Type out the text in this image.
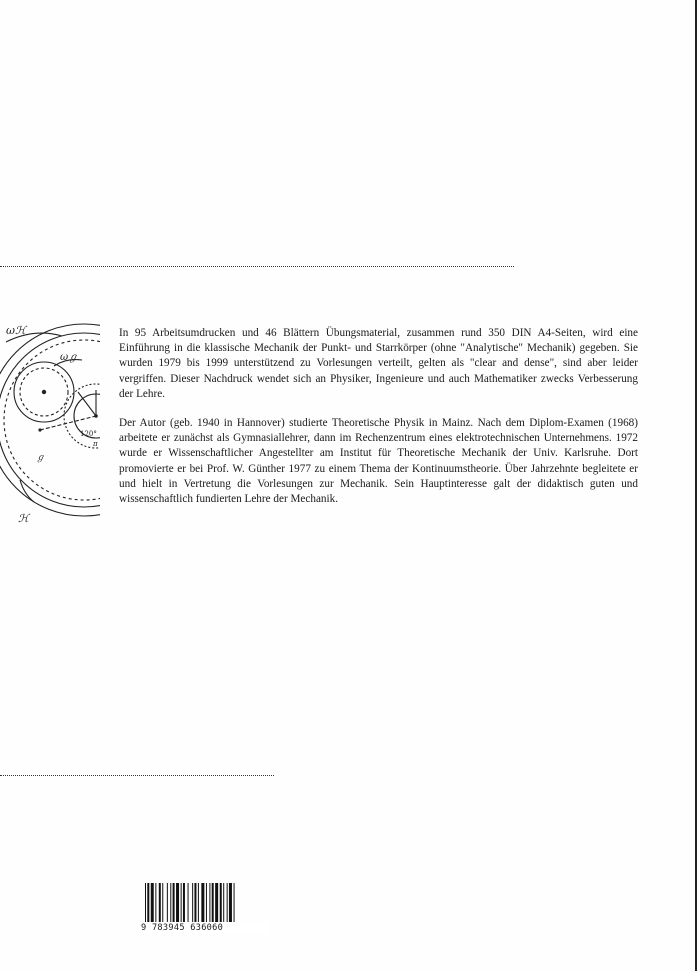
ωℋ
ωℊ
120°
π
ℊ
ℋ

In 95 Arbeitsumdrucken und 46 Blättern Übungsmaterial, zusammen rund 350 DIN A4-Seiten, wird eine Einführung in die klassische Mechanik der Punkt- und Starrkörper (ohne "Analytische" Mechanik) gegeben. Sie wurden 1979 bis 1999 unterstützend zu Vorlesungen verteilt, gelten als "clear and dense", sind aber leider vergriffen. Dieser Nachdruck wendet sich an Physiker, Ingenieure und auch Mathematiker zwecks Verbesserung der Lehre.

Der Autor (geb. 1940 in Hannover) studierte Theoretische Physik in Mainz. Nach dem Diplom-Examen (1968) arbeitete er zunächst als Gymnasiallehrer, dann im Rechenzentrum eines elektrotechnischen Unternehmens. 1972 wurde er Wissenschaftlicher Angestellter am Institut für Theoretische Mechanik der Univ. Karlsruhe. Dort promovierte er bei Prof. W. Günther 1977 zu einem Thema der Kontinuumstheorie. Über Jahrzehnte begleitete er und hielt in Vertretung die Vorlesungen zur Mechanik. Sein Hauptinteresse galt der didaktisch guten und wissenschaftlich fundierten Lehre der Mechanik.

9 783945 636060
